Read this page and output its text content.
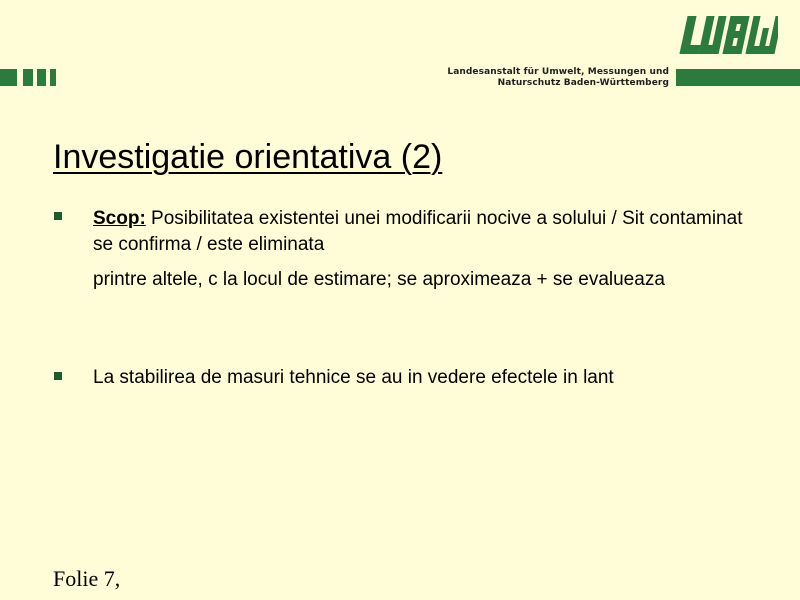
Landesanstalt für Umwelt, Messungen und
Naturschutz Baden-Württemberg
Investigatie orientativa (2)
Scop: Posibilitatea existentei unei modificarii nocive a solului / Sit contaminat se confirma / este eliminata
printre altele, c la locul de estimare; se aproximeaza + se evalueaza
La stabilirea de masuri tehnice se au in vedere efectele in lant
Folie 7,
